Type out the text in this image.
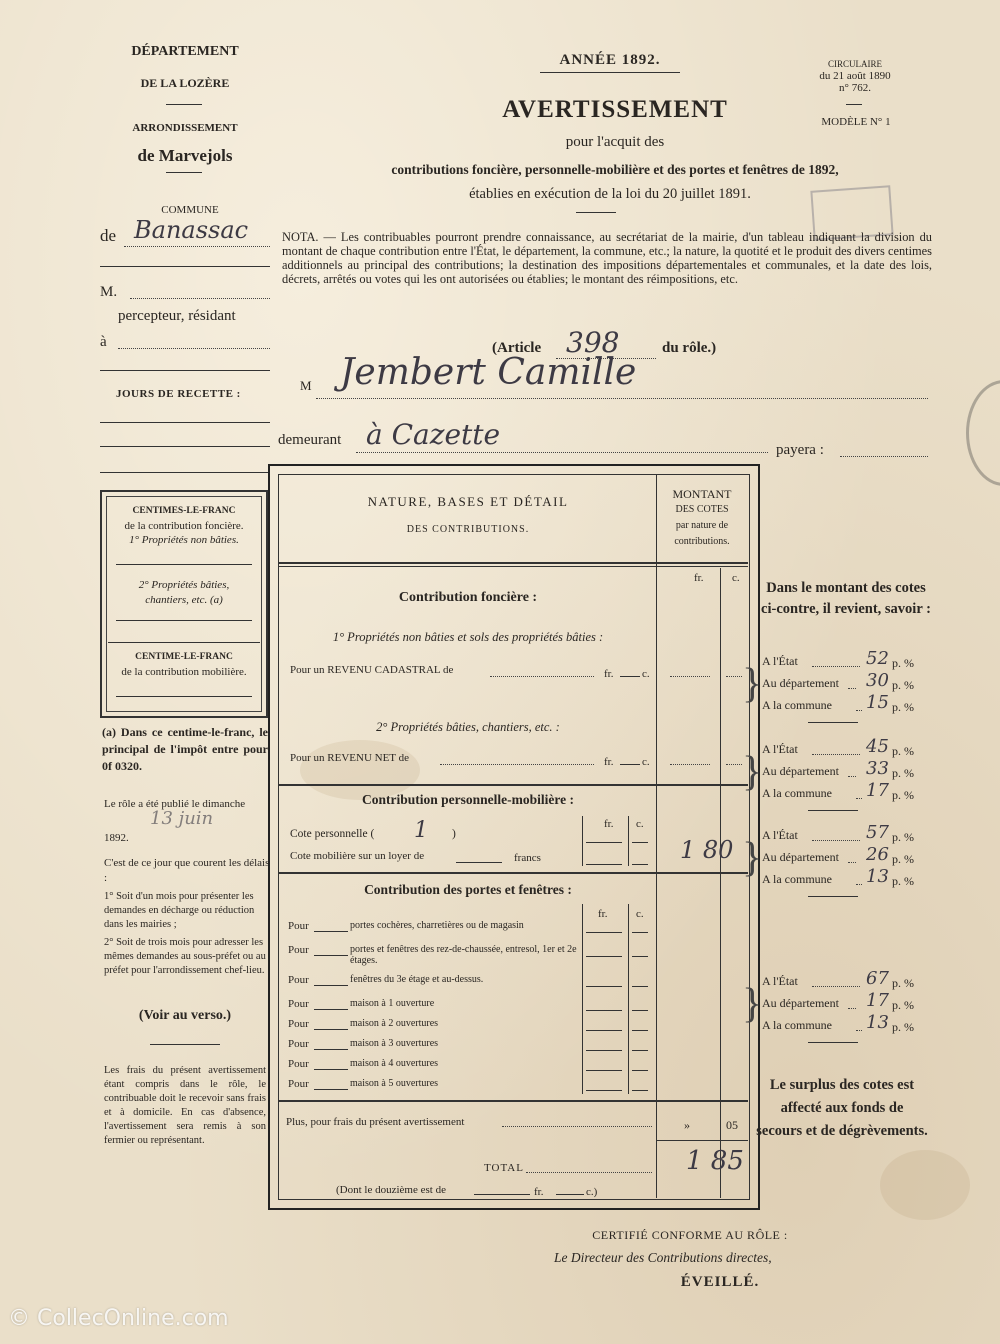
DÉPARTEMENT
DE LA LOZÈRE
ARRONDISSEMENT
de Marvejols
COMMUNE
de Banassac
M.
percepteur, résidant
à
JOURS DE RECETTE :
CENTIMES-LE-FRANC
de la contribution foncière.
1° Propriétés non bâties.
2° Propriétés bâties, chantiers, etc. (a)
CENTIME-LE-FRANC
de la contribution mobilière.
(a) Dans ce centime-le-franc, le principal de l'impôt entre pour 0f 0320.
Le rôle a été publié le dimanche
13 juin
1892.
C'est de ce jour que courent les délais :
1° Soit d'un mois pour présenter les demandes en décharge ou réduction dans les mairies ;
2° Soit de trois mois pour adresser les mêmes demandes au sous-préfet ou au préfet pour l'arrondissement chef-lieu.
(Voir au verso.)
Les frais du présent avertissement étant compris dans le rôle, le contribuable doit le recevoir sans frais et à domicile. En cas d'absence, l'avertissement sera remis à son fermier ou représentant.
ANNÉE 1892.	CIRCULAIRE
du 21 août 1890
n° 762.
AVERTISSEMENT	MODÈLE N° 1
pour l'acquit des
contributions foncière, personnelle-mobilière et des portes et fenêtres de 1892,
établies en exécution de la loi du 20 juillet 1891.
NOTA. — Les contribuables pourront prendre connaissance, au secrétariat de la mairie, d'un tableau indiquant la division du montant de chaque contribution entre l'État, le département, la commune, etc.; la nature, la quotité et le produit des divers centimes additionnels au principal des contributions; la destination des impositions départementales et communales, et la date des lois, décrets, arrêtés ou votes qui les ont autorisées ou établies; le montant des réimpositions, etc.
(Article 398	du rôle.)
M Jembert Camille
demeurant à Cazette	payera :
NATURE, BASES ET DÉTAIL
DES CONTRIBUTIONS.
MONTANT
DES COTES
par nature de
contributions.
fr.	c.
Contribution foncière :
1° Propriétés non bâties et sols des propriétés bâties :
Pour un REVENU CADASTRAL de	fr.	c.
2° Propriétés bâties, chantiers, etc. :
Pour un REVENU NET de	fr.	c.
Contribution personnelle-mobilière :
fr. c.
Cote personnelle ( 1 )
Cote mobilière sur un loyer de	francs	1 80
Contribution des portes et fenêtres :
fr.	c.
Plus, pour frais du présent avertissement	»	05
TOTAL	1 85
(Dont le douzième est de	fr.	c.)
Dans le montant des cotes ci-contre, il revient, savoir :
Le surplus des cotes est affecté aux fonds de secours et de dégrèvements.
CERTIFIÉ CONFORME AU RÔLE :
Le Directeur des Contributions directes,
ÉVEILLÉ.
© CollecOnline.com
Pour	portes cochères, charretières ou de magasin
Pour	portes et fenêtres des rez-de-chaussée, entresol, 1er et 2e étages.
Pour	fenêtres du 3e étage et au-dessus.
Pour	maison à 1 ouverture
Pour	maison à 2 ouvertures
Pour	maison à 3 ouvertures
Pour	maison à 4 ouvertures
Pour	maison à 5 ouvertures
A l'État	52 p. %
Au département 30 p. %
A la commune 15 p. %
}
A l'État	45 p. %
Au département 33 p. %
A la commune 17 p. %
}
A l'État	57 p. %
Au département 26 p. %
A la commune 13 p. %
}
A l'État	67 p. %
Au département 17 p. %
A la commune 13 p. %
}
